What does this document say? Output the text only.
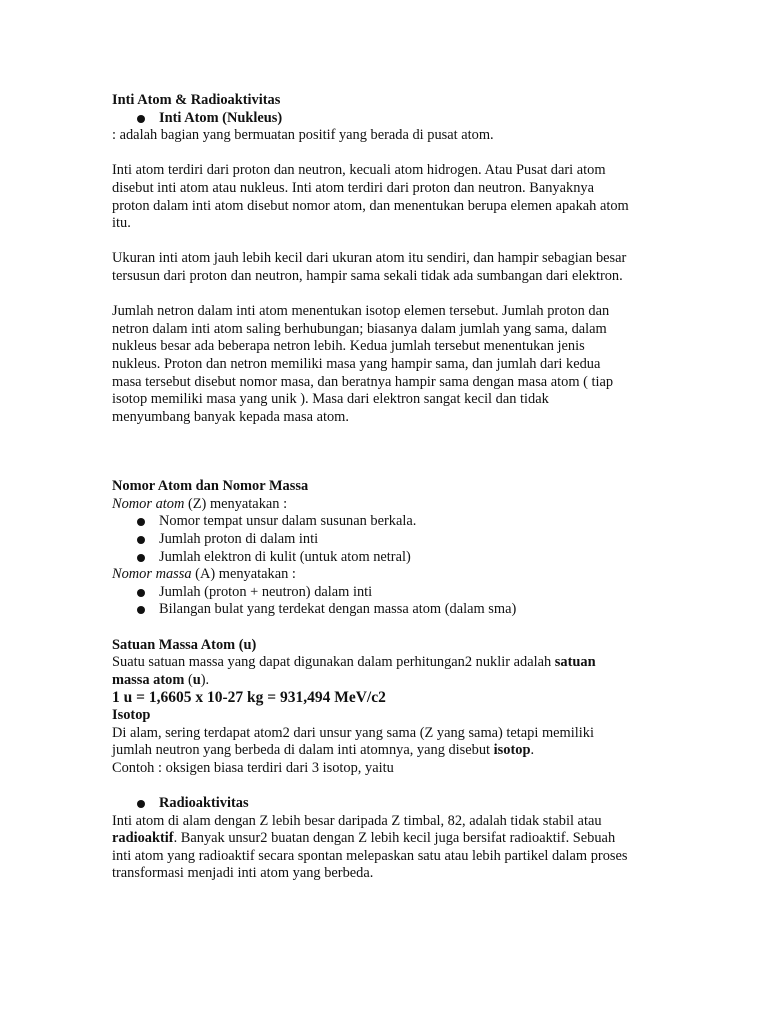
Inti Atom & Radioaktivitas

Inti Atom (Nukleus)

: adalah bagian yang bermuatan positif yang berada di pusat atom.

Inti atom terdiri dari proton dan neutron, kecuali atom hidrogen. Atau Pusat dari atom

disebut inti atom atau nukleus. Inti atom terdiri dari proton dan neutron. Banyaknya

proton dalam inti atom disebut nomor atom, dan menentukan berupa elemen apakah atom

itu.

Ukuran inti atom jauh lebih kecil dari ukuran atom itu sendiri, dan hampir sebagian besar

tersusun dari proton dan neutron, hampir sama sekali tidak ada sumbangan dari elektron.

Jumlah netron dalam inti atom menentukan isotop elemen tersebut. Jumlah proton dan

netron dalam inti atom saling berhubungan; biasanya dalam jumlah yang sama, dalam

nukleus besar ada beberapa netron lebih. Kedua jumlah tersebut menentukan jenis

nukleus. Proton dan netron memiliki masa yang hampir sama, dan jumlah dari kedua

masa tersebut disebut nomor masa, dan beratnya hampir sama dengan masa atom ( tiap

isotop memiliki masa yang unik ). Masa dari elektron sangat kecil dan tidak

menyumbang banyak kepada masa atom.

Nomor Atom dan Nomor Massa

Nomor atom (Z) menyatakan :

Nomor tempat unsur dalam susunan berkala.

Jumlah proton di dalam inti

Jumlah elektron di kulit (untuk atom netral)

Nomor massa (A) menyatakan :

Jumlah (proton + neutron) dalam inti

Bilangan bulat yang terdekat dengan massa atom (dalam sma)

Satuan Massa Atom (u)

Suatu satuan massa yang dapat digunakan dalam perhitungan2 nuklir adalah satuan

massa atom (u).

1 u = 1,6605 x 10-27 kg = 931,494 MeV/c2

Isotop

Di alam, sering terdapat atom2 dari unsur yang sama (Z yang sama) tetapi memiliki

jumlah neutron yang berbeda di dalam inti atomnya, yang disebut isotop.

Contoh : oksigen biasa terdiri dari 3 isotop, yaitu

Radioaktivitas

Inti atom di alam dengan Z lebih besar daripada Z timbal, 82, adalah tidak stabil atau

radioaktif. Banyak unsur2 buatan dengan Z lebih kecil juga bersifat radioaktif. Sebuah

inti atom yang radioaktif secara spontan melepaskan satu atau lebih partikel dalam proses

transformasi menjadi inti atom yang berbeda.
